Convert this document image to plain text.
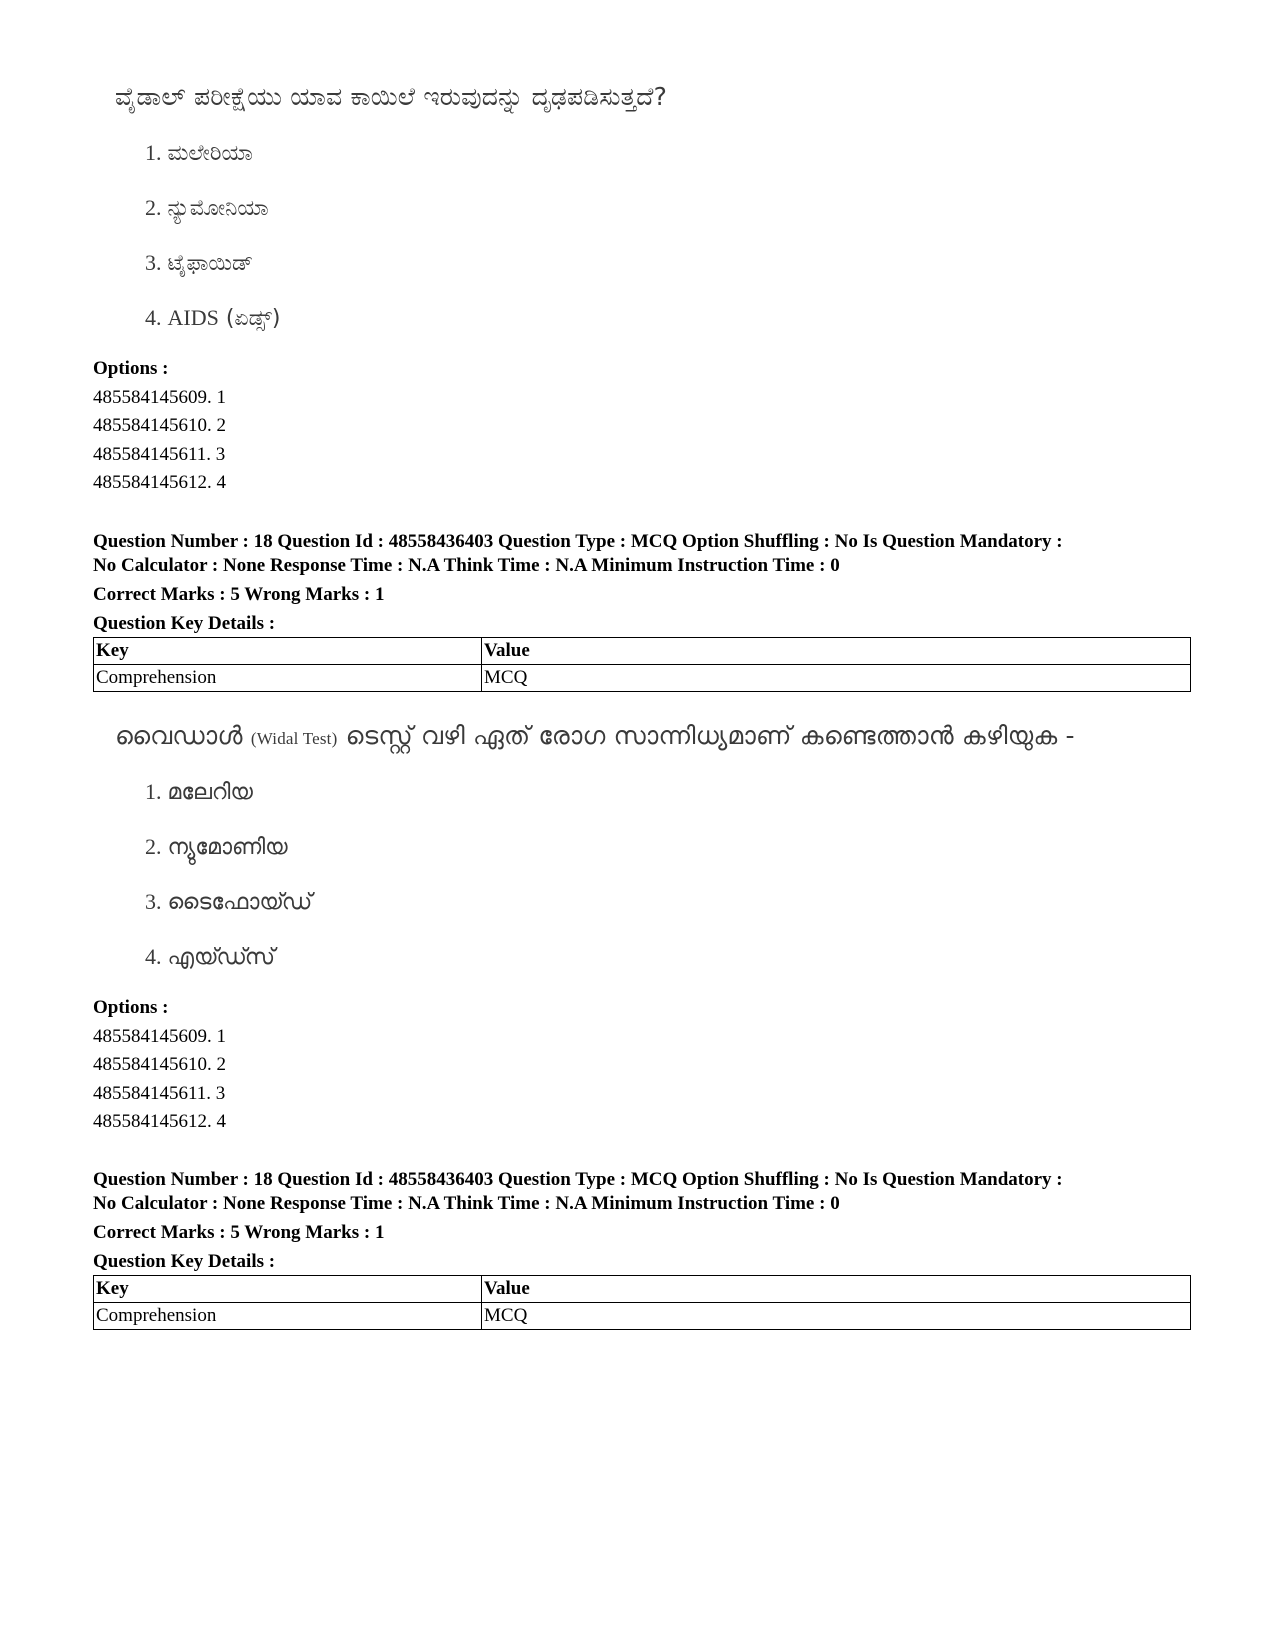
ವೈಡಾಲ್ ಪರೀಕ್ಷೆಯು ಯಾವ ಕಾಯಿಲೆ ಇರುವುದನ್ನು ದೃಢಪಡಿಸುತ್ತದೆ?
1. ಮಲೇರಿಯಾ
2. ನ್ಯುಮೋನಿಯಾ
3. ಟೈಫಾಯಿಡ್
4. AIDS (ಏಡ್ಸ್)
Options :
485584145609. 1
485584145610. 2
485584145611. 3
485584145612. 4
Question Number : 18 Question Id : 48558436403 Question Type : MCQ Option Shuffling : No Is Question Mandatory :
No Calculator : None Response Time : N.A Think Time : N.A Minimum Instruction Time : 0
Correct Marks : 5 Wrong Marks : 1
Question Key Details :
Key	Value
Comprehension	MCQ
വൈഡാൾ (Widal Test) ടെസ്റ്റ് വഴി ഏത് രോഗ സാന്നിധ്യമാണ് കണ്ടെത്താൻ കഴിയുക -
1. മലേറിയ
2. ന്യുമോണിയ
3. ടൈഫോയ്ഡ്
4. എയ്ഡ്സ്
Options :
485584145609. 1
485584145610. 2
485584145611. 3
485584145612. 4
Question Number : 18 Question Id : 48558436403 Question Type : MCQ Option Shuffling : No Is Question Mandatory :
No Calculator : None Response Time : N.A Think Time : N.A Minimum Instruction Time : 0
Correct Marks : 5 Wrong Marks : 1
Question Key Details :
Key	Value
Comprehension	MCQ
